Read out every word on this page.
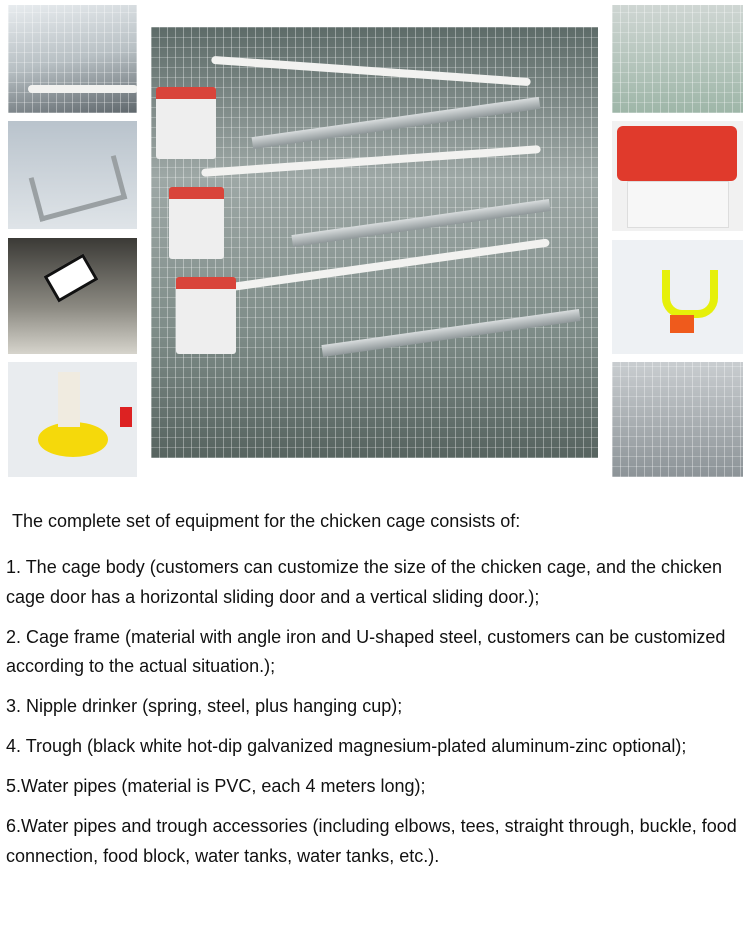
The complete set of equipment for the chicken cage consists of:
1. The cage body (customers can customize the size of the chicken cage, and the chicken cage door has a horizontal sliding door and a vertical sliding door.);
2. Cage frame (material with angle iron and U-shaped steel, customers can be customized according to the actual situation.);
3. Nipple drinker (spring, steel, plus hanging cup);
4. Trough (black white hot-dip galvanized magnesium-plated aluminum-zinc optional);
5.Water pipes (material is PVC, each 4 meters long);
6.Water pipes and trough accessories (including elbows, tees, straight through, buckle, food connection, food block, water tanks, water tanks, etc.).
